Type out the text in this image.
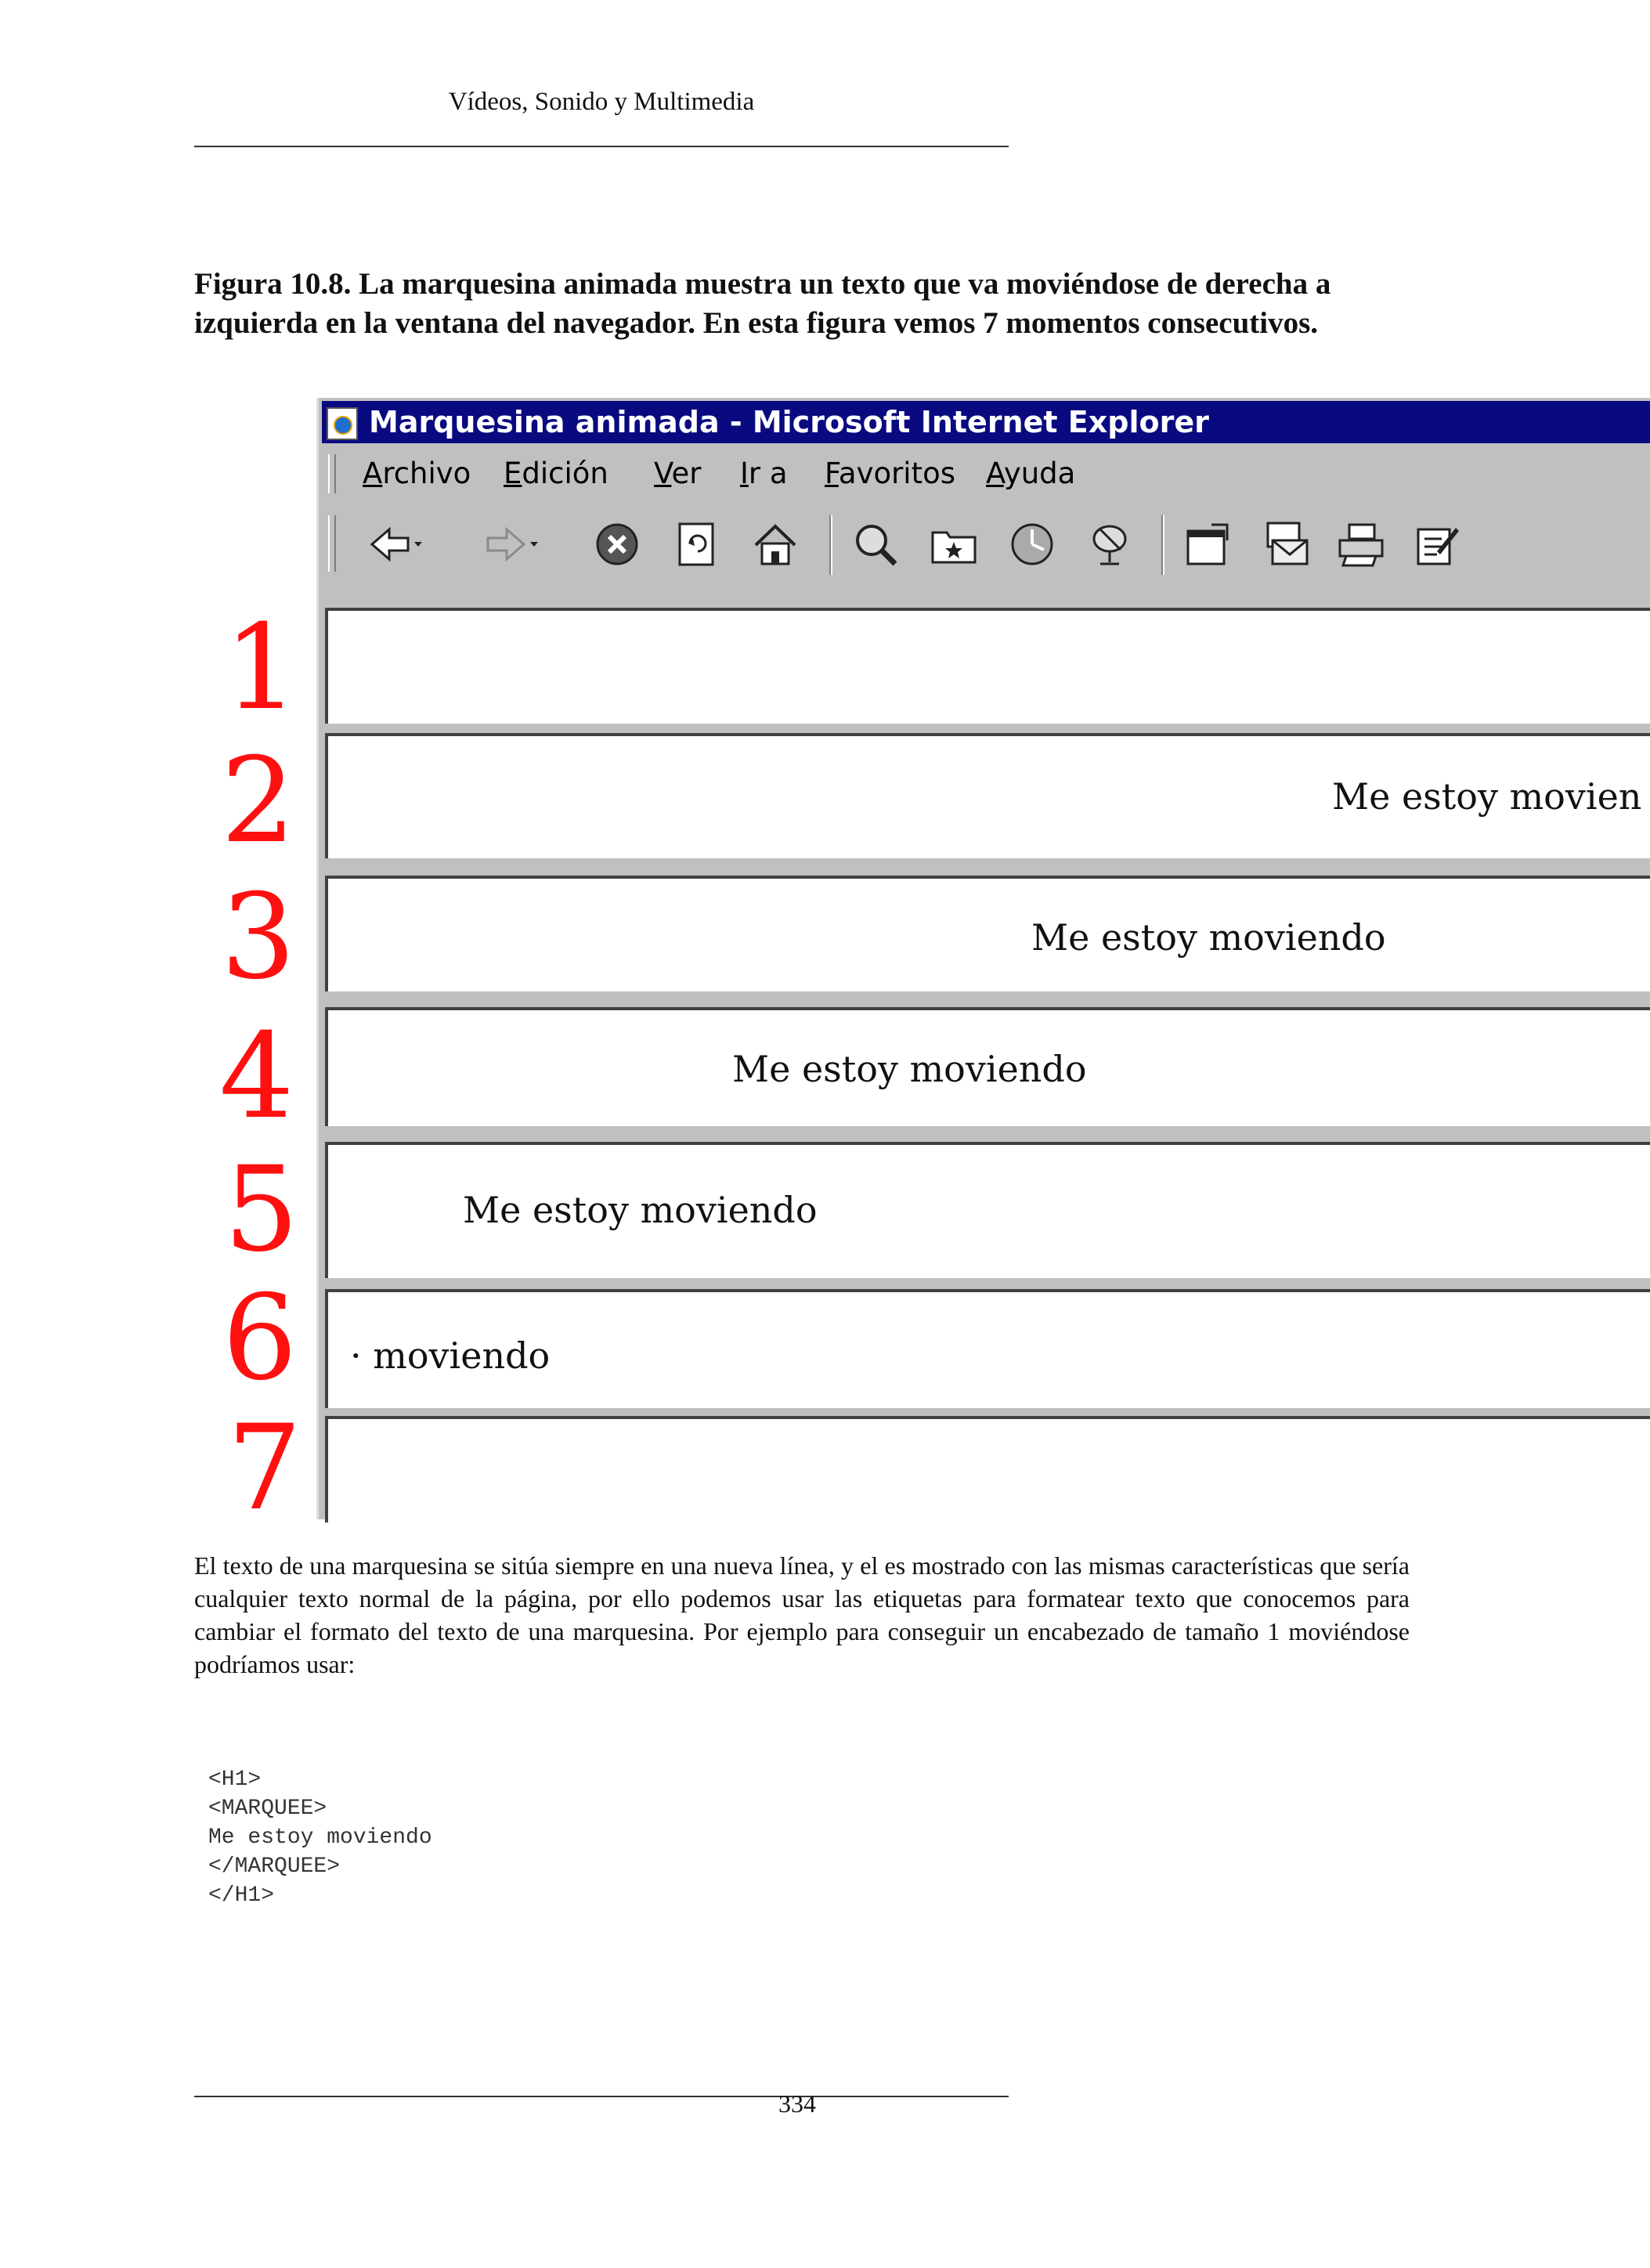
Vídeos, Sonido y Multimedia
Figura 10.8. La marquesina animada muestra un texto que va moviéndose de derecha a izquierda en la ventana del navegador. En esta figura vemos 7 momentos consecutivos.
Marquesina animada - Microsoft Internet Explorer
Archivo Edición Ver Ir a Favoritos Ayuda
Me estoy movien
Me estoy moviendo
Me estoy moviendo
Me estoy moviendo
· moviendo
1
2
3
4
5
6
7
El texto de una marquesina se sitúa siempre en una nueva línea, y el es mostrado con las mismas características que sería cualquier texto normal de la página, por ello podemos usar las etiquetas para formatear texto que conocemos para cambiar el formato del texto de una marquesina. Por ejemplo para conseguir un encabezado de tamaño 1 moviéndose podríamos usar:
<H1>
<MARQUEE>
Me estoy moviendo
</MARQUEE>
</H1>
334
